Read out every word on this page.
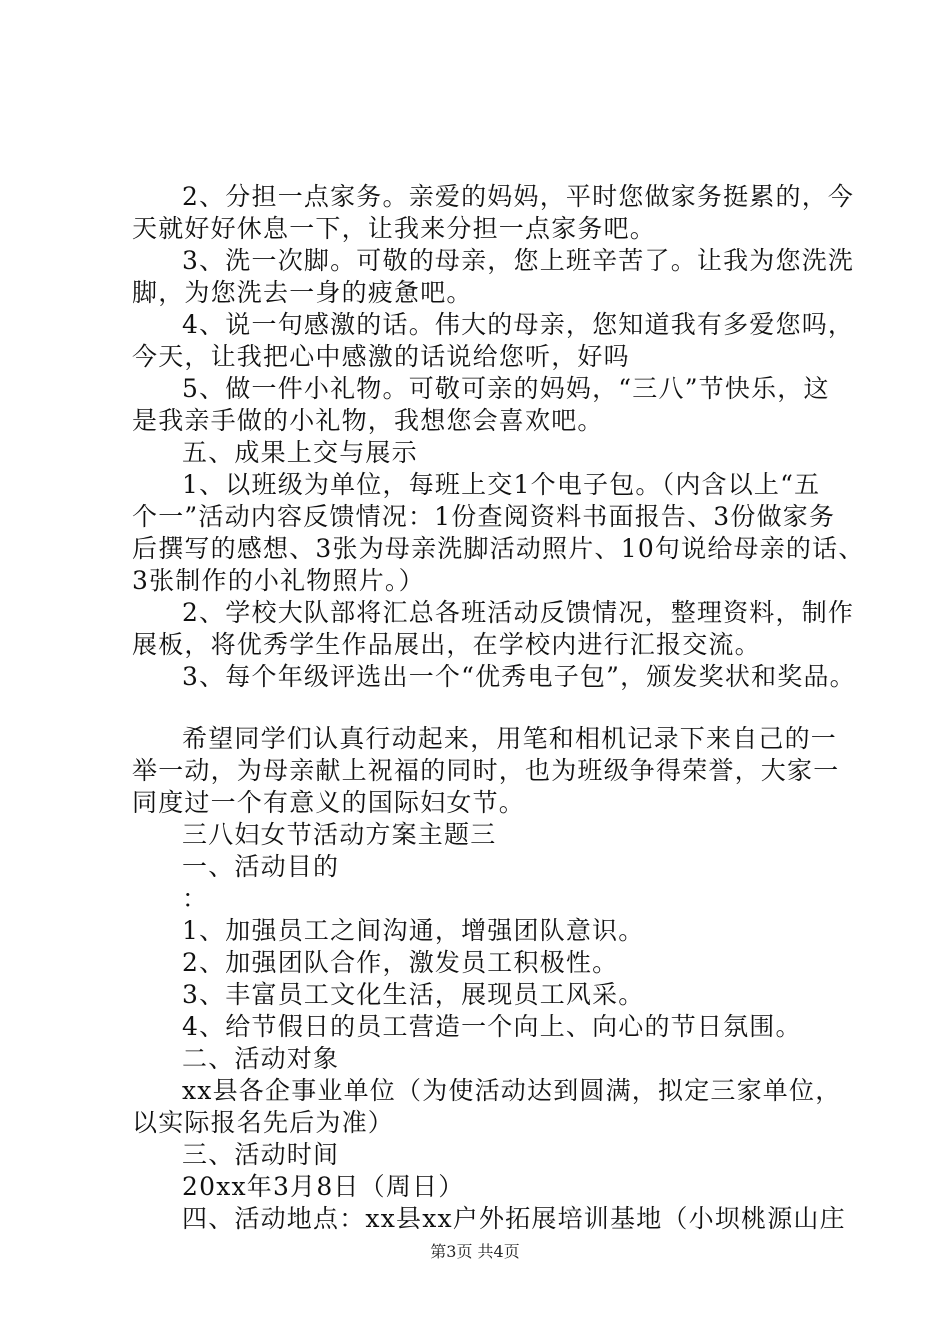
2、分担一点家务。亲爱的妈妈，平时您做家务挺累的，今
天就好好休息一下，让我来分担一点家务吧。
3、洗一次脚。可敬的母亲，您上班辛苦了。让我为您洗洗
脚，为您洗去一身的疲惫吧。
4、说一句感激的话。伟大的母亲，您知道我有多爱您吗，
今天，让我把心中感激的话说给您听，好吗
5、做一件小礼物。可敬可亲的妈妈，“三八”节快乐，这
是我亲手做的小礼物，我想您会喜欢吧。
五、成果上交与展示
1、以班级为单位，每班上交1个电子包。（内含以上“五
个一”活动内容反馈情况：1份查阅资料书面报告、3份做家务
后撰写的感想、3张为母亲洗脚活动照片、10句说给母亲的话、
3张制作的小礼物照片。）
2、学校大队部将汇总各班活动反馈情况，整理资料，制作
展板，将优秀学生作品展出，在学校内进行汇报交流。
3、每个年级评选出一个“优秀电子包”，颁发奖状和奖品。
希望同学们认真行动起来，用笔和相机记录下来自己的一
举一动，为母亲献上祝福的同时，也为班级争得荣誉，大家一
同度过一个有意义的国际妇女节。
三八妇女节活动方案主题三
一、活动目的
：
1、加强员工之间沟通，增强团队意识。
2、加强团队合作，激发员工积极性。
3、丰富员工文化生活，展现员工风采。
4、给节假日的员工营造一个向上、向心的节日氛围。
二、活动对象
xx县各企事业单位（为使活动达到圆满，拟定三家单位，
以实际报名先后为准）
三、活动时间
20xx年3月8日（周日）
四、活动地点：xx县xx户外拓展培训基地（小坝桃源山庄
第3页 共4页
